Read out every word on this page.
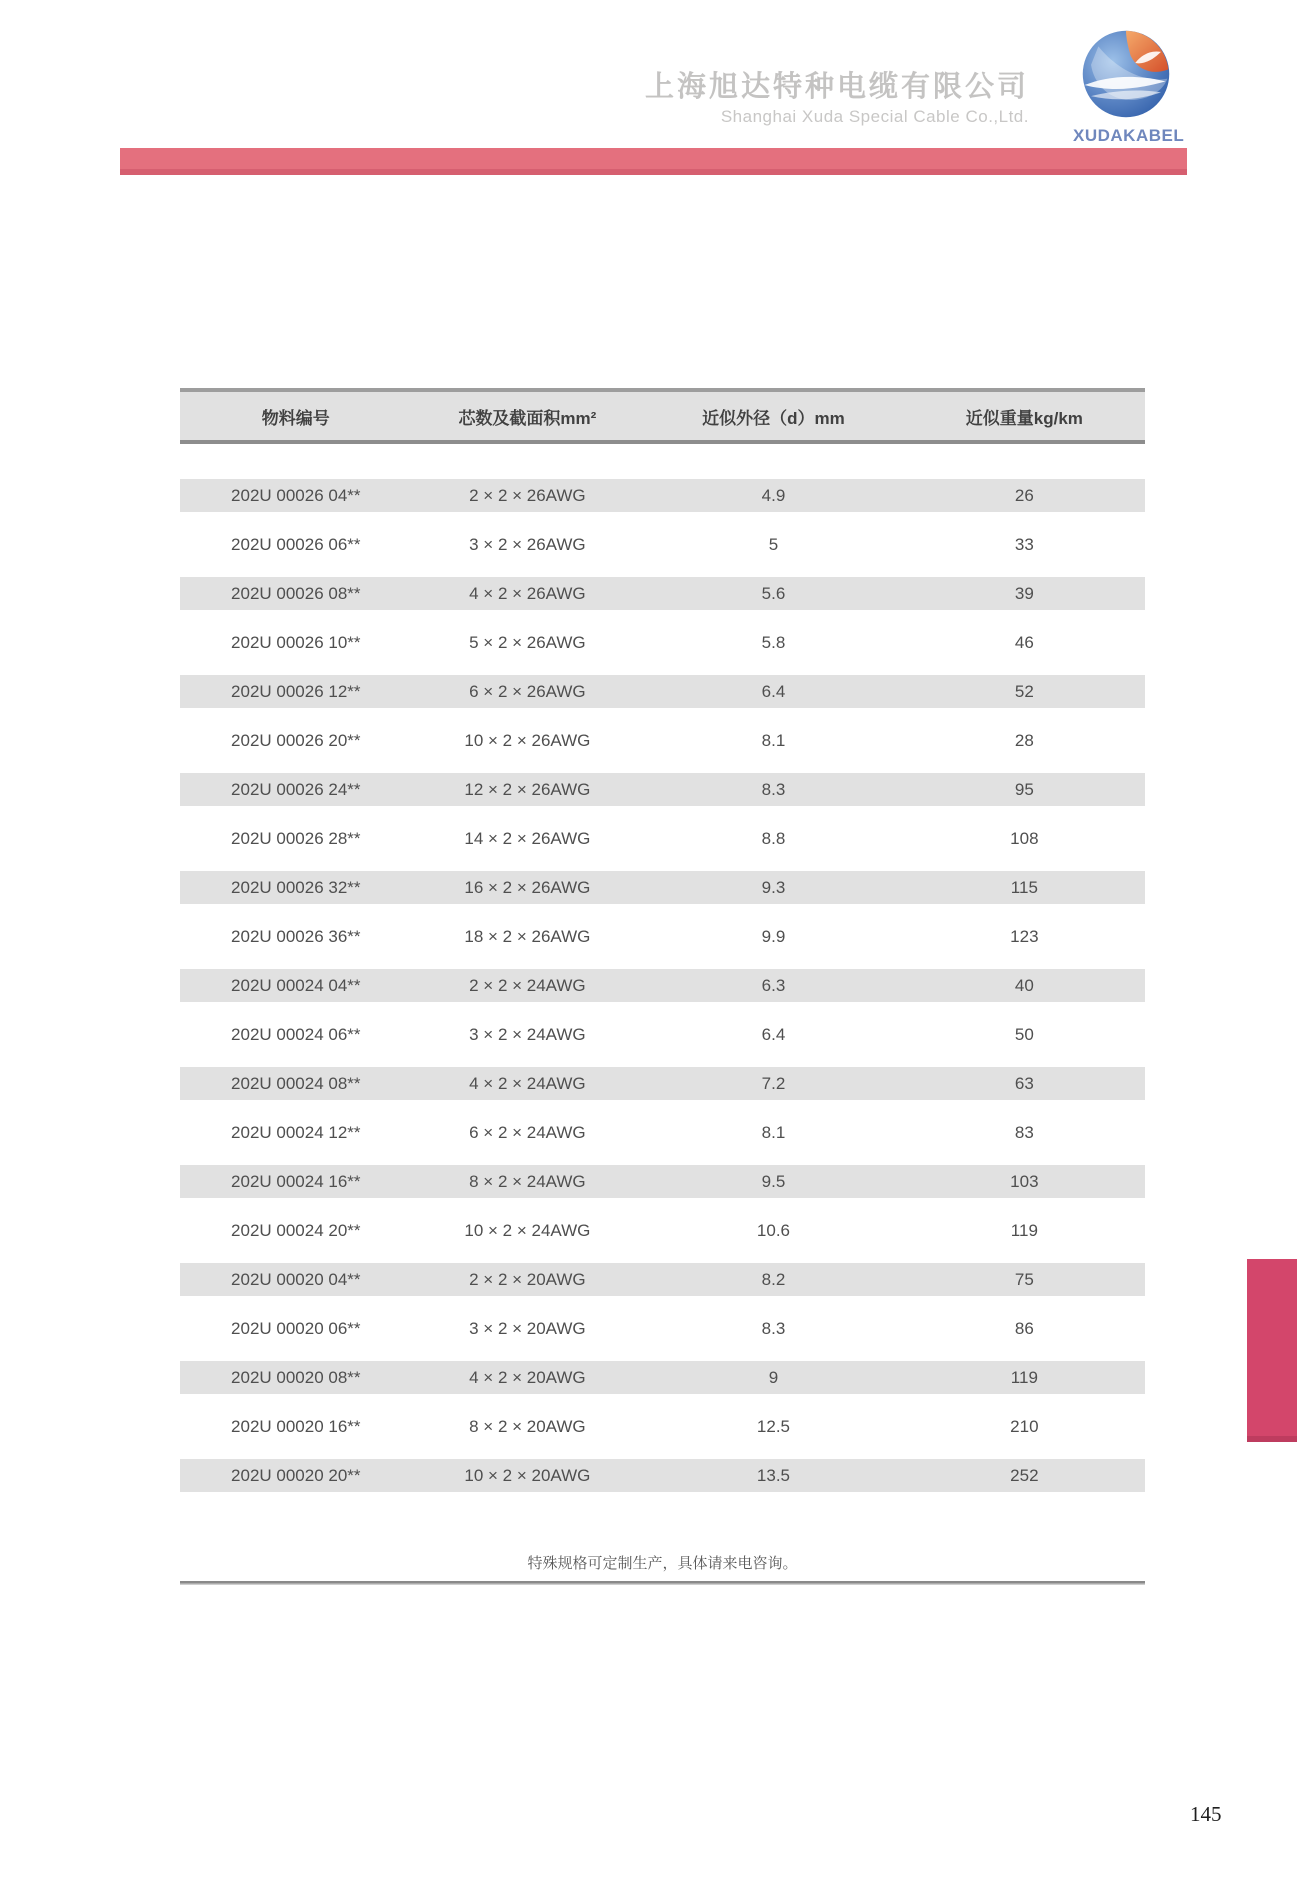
上海旭达特种电缆有限公司
Shanghai Xuda Special Cable Co.,Ltd.
XUDAKABEL
物料编号	芯数及截面积mm²	近似外径（d）mm	近似重量kg/km
202U 00026 04**	2 × 2 × 26AWG	4.9	26
202U 00026 06**	3 × 2 × 26AWG	5	33
202U 00026 08**	4 × 2 × 26AWG	5.6	39
202U 00026 10**	5 × 2 × 26AWG	5.8	46
202U 00026 12**	6 × 2 × 26AWG	6.4	52
202U 00026 20**	10 × 2 × 26AWG	8.1	28
202U 00026 24**	12 × 2 × 26AWG	8.3	95
202U 00026 28**	14 × 2 × 26AWG	8.8	108
202U 00026 32**	16 × 2 × 26AWG	9.3	115
202U 00026 36**	18 × 2 × 26AWG	9.9	123
202U 00024 04**	2 × 2 × 24AWG	6.3	40
202U 00024 06**	3 × 2 × 24AWG	6.4	50
202U 00024 08**	4 × 2 × 24AWG	7.2	63
202U 00024 12**	6 × 2 × 24AWG	8.1	83
202U 00024 16**	8 × 2 × 24AWG	9.5	103
202U 00024 20**	10 × 2 × 24AWG	10.6	119
202U 00020 04**	2 × 2 × 20AWG	8.2	75
202U 00020 06**	3 × 2 × 20AWG	8.3	86
202U 00020 08**	4 × 2 × 20AWG	9	119
202U 00020 16**	8 × 2 × 20AWG	12.5	210
202U 00020 20**	10 × 2 × 20AWG	13.5	252
特殊规格可定制生产，具体请来电咨询。
145
